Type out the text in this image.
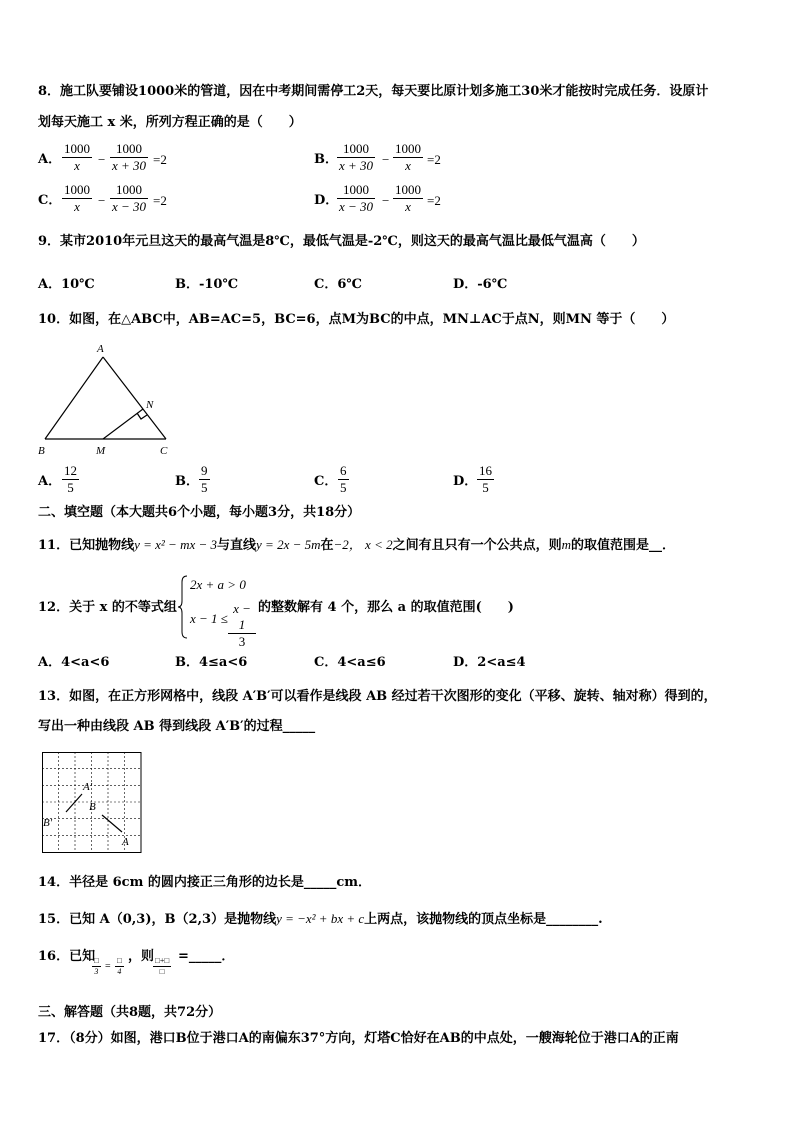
8．施工队要铺设1000米的管道，因在中考期间需停工2天，每天要比原计划多施工30米才能按时完成任务．设原计
划每天施工 x 米，所列方程正确的是（　　）
A． $\frac{1000}{x} - \frac{1000}{x + 30} =2$	B． $\frac{1000}{x + 30} - \frac{1000}{x} =2$
C． $\frac{1000}{x} - \frac{1000}{x - 30} =2$	D．
$\frac{1000}{x - 30} - \frac{1000}{x} =2$
9．某市2010年元旦这天的最高气温是8℃，最低气温是-2℃，则这天的最高气温比最低气温高（　　）
A．10℃	B．-10℃	C．6℃	D．-6℃
10．如图，在△ABC中，AB=AC=5，BC=6，点M为BC的中点，MN⊥AC于点N，则MN 等于（　　）
A
B	M	C
N
A． $\frac{12}{5}$	B． $\frac{9}{5}$	C． $\frac{6}{5}$	D． $\frac{16}{5}$
二、填空题（本大题共6个小题，每小题3分，共18分）
11．已知抛物线y = x² − mx − 3与直线y = 2x − 5m在−2， x < 2之间有且只有一个公共点，则m的取值范围是__．
12．关于 x 的不等式组
2x + a > 0
$x - 1 \le \frac{x - 1}{3}$ 的整数解有 4 个，那么 a 的取值范围(　　)
A．4<a<6	B．4≤a<6	C．4<a≤6	D．2<a≤4
13．如图，在正方形网格中，线段 A′B′可以看作是线段 AB 经过若干次图形的变化（平移、旋转、轴对称）得到的，
写出一种由线段 AB 得到线段 A′B′的过程_____
A′
B
B′
A
14．半径是 6cm 的圆内接正三角形的边长是_____cm．
15．已知 A（0,3)，B（2,3）是抛物线y = −x² + bx + c上两点，该抛物线的顶点坐标是________.
16．已知
□
3 =
□
4
，则 □+□
□
=_____．
三、解答题（共8题，共72分）
17．（8分）如图，港口B位于港口A的南偏东37°方向，灯塔C恰好在AB的中点处，一艘海轮位于港口A的正南
